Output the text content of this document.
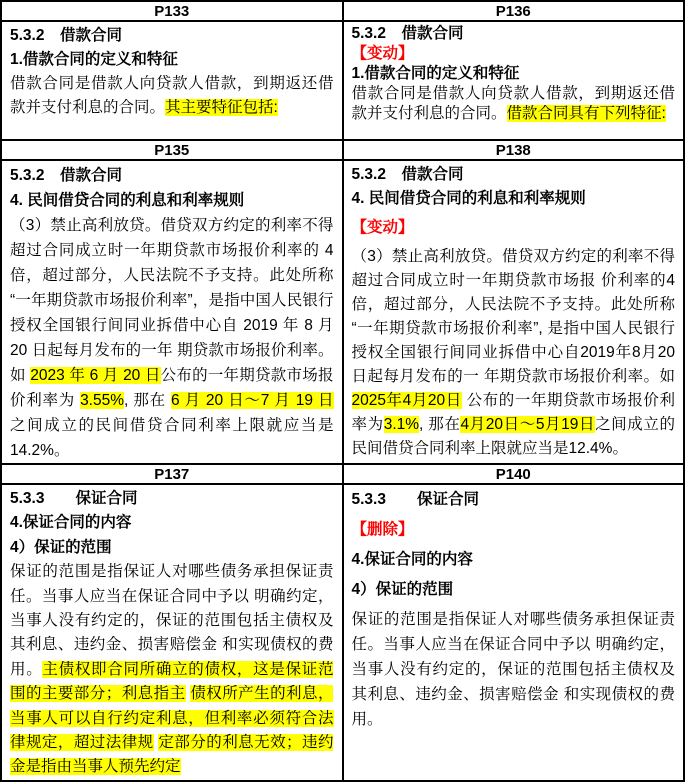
P133	P136

5.3.2　借款合同
1.借款合同的定义和特征
借款合同是借款人向贷款人借款，到期返还借款并支付利息的合同。其主要特征包括:

5.3.2　借款合同
【变动】
1.借款合同的定义和特征
借款合同是借款人向贷款人借款，到期返还借款并支付利息的合同。借款合同具有下列特征:

P135	P138

5.3.2　借款合同
4. 民间借贷合同的利息和利率规则
（3）禁止高利放贷。借贷双方约定的利率不得超过合同成立时一年期贷款市场报价利率的 4 倍，超过部分，人民法院不予支持。此处所称“一年期贷款市场报价利率”，是指中国人民银行授权全国银行间同业拆借中心自 2019 年 8 月 20 日起每月发布的一年 期贷款市场报价利率。如 2023 年 6 月 20 日公布的一年期贷款市场报价利率为 3.55%, 那在 6 月 20 日～7 月 19 日之间成立的民间借贷合同利率上限就应当是 14.2%。

5.3.2　借款合同
4. 民间借贷合同的利息和利率规则
【变动】
（3）禁止高利放贷。借贷双方约定的利率不得超过合同成立时一年期贷款市场报 价利率的4倍，超过部分，人民法院不予支持。此处所称“一年期贷款市场报价利率”, 是指中国人民银行授权全国银行间同业拆借中心自2019年8月20日起每月发布的一 年期贷款市场报价利率。如2025年4月20日 公布的一年期贷款市场报价利率为3.1%, 那在4月20日～5月19日之间成立的民间借贷合同利率上限就应当是12.4%。

P137	P140

5.3.3　　保证合同
4.保证合同的内容
4）保证的范围
保证的范围是指保证人对哪些债务承担保证责任。当事人应当在保证合同中予以 明确约定，当事人没有约定的，保证的范围包括主债权及其利息、违约金、损害赔偿金 和实现债权的费用。主债权即合同所确立的债权，这是保证范围的主要部分；利息指主 债权所产生的利息，当事人可以自行约定利息，但利率必须符合法律规定，超过法律规 定部分的利息无效；违约金是指由当事人预先约定

5.3.3　　保证合同
【删除】
4.保证合同的内容
4）保证的范围
保证的范围是指保证人对哪些债务承担保证责任。当事人应当在保证合同中予以 明确约定，当事人没有约定的，保证的范围包括主债权及其利息、违约金、损害赔偿金 和实现债权的费用。
